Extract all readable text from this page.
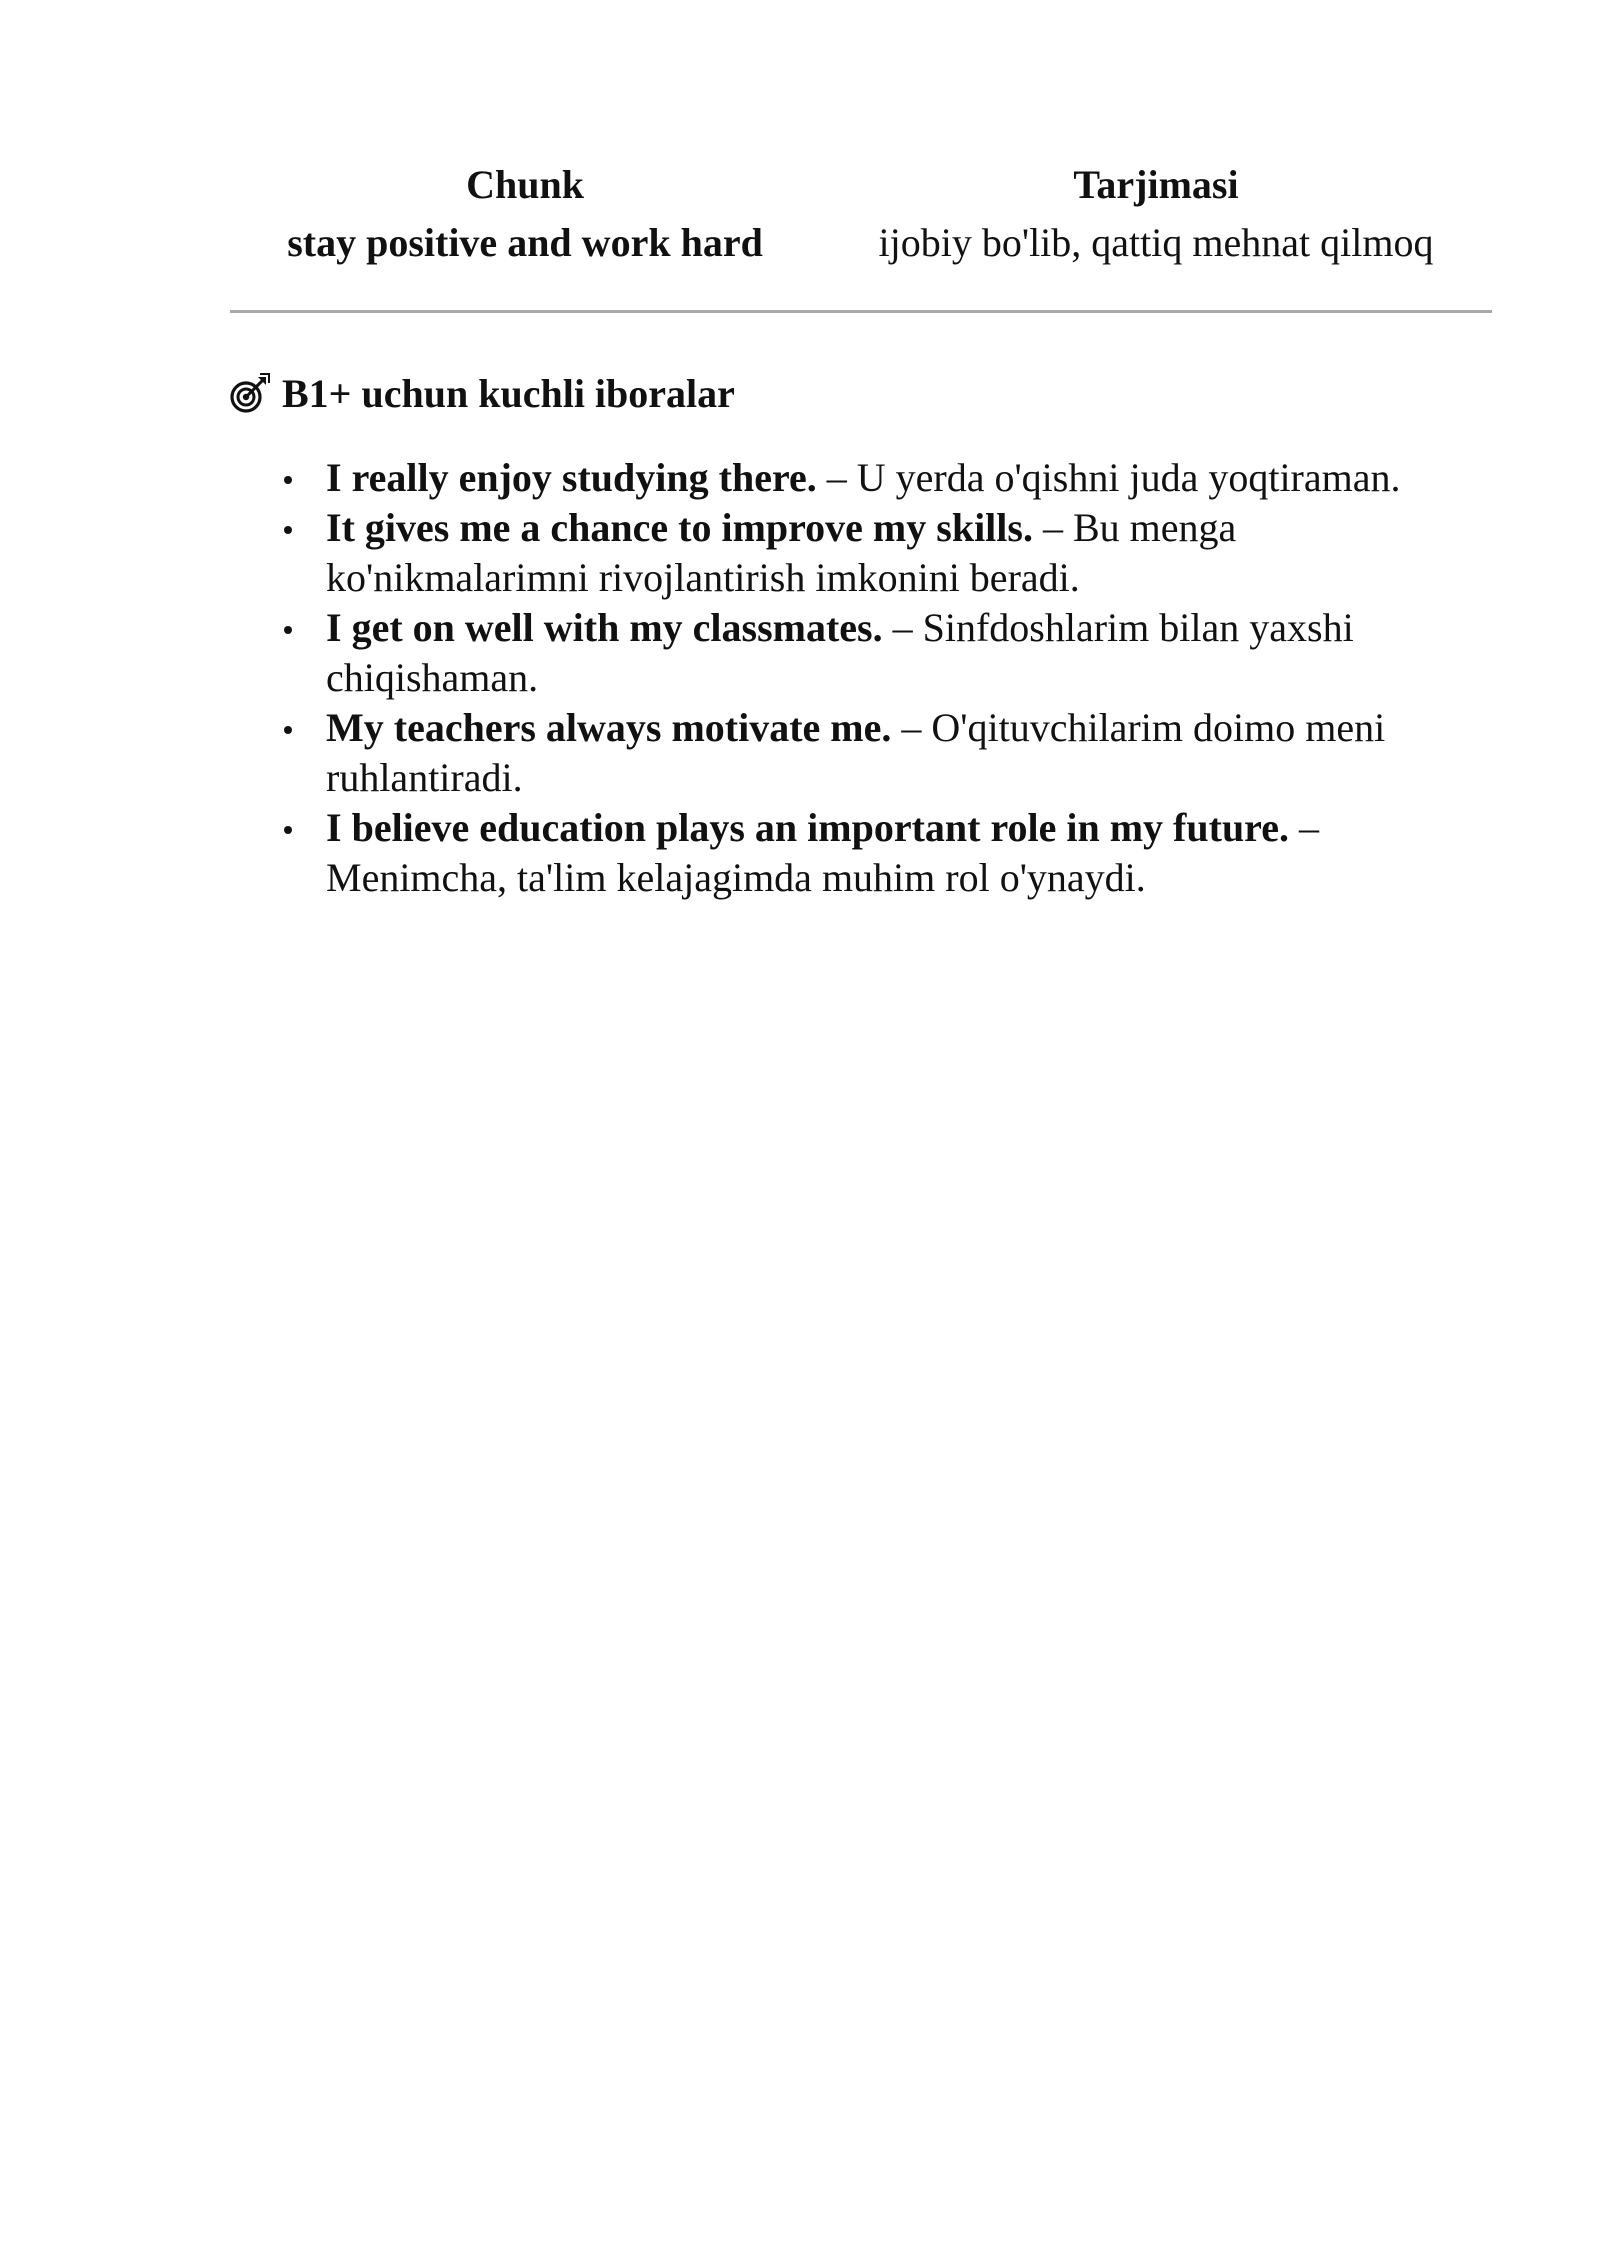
Chunk	Tarjimasi
stay positive and work hard	ijobiy bo'lib, qattiq mehnat qilmoq
B1+ uchun kuchli iboralar
I really enjoy studying there. – U yerda o'qishni juda yoqtiraman.
It gives me a chance to improve my skills. – Bu menga ko'nikmalarimni rivojlantirish imkonini beradi.
I get on well with my classmates. – Sinfdoshlarim bilan yaxshi chiqishaman.
My teachers always motivate me. – O'qituvchilarim doimo meni ruhlantiradi.
I believe education plays an important role in my future. – Menimcha, ta'lim kelajagimda muhim rol o'ynaydi.
